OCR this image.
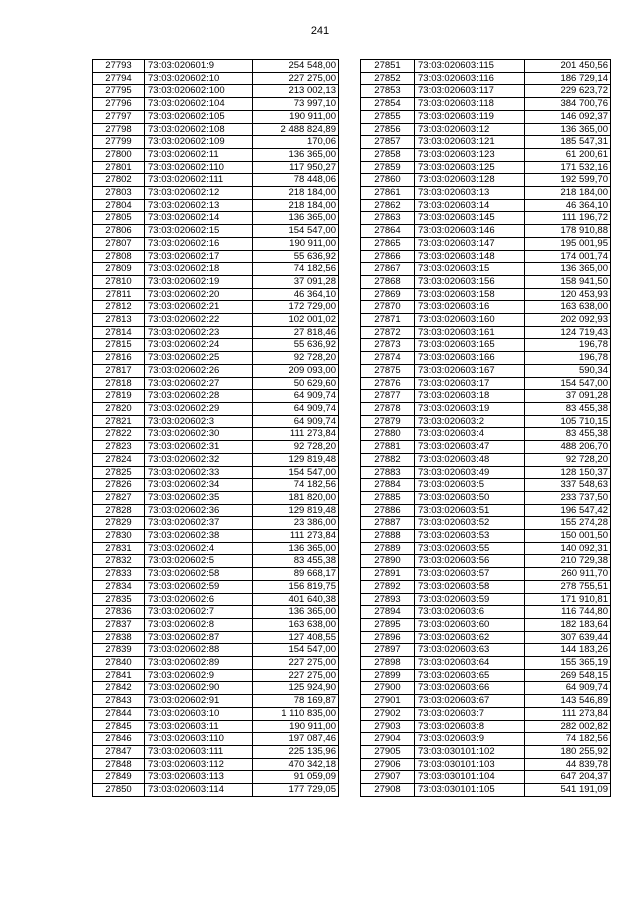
241
27793	73:03:020601:9	254 548,00
27794	73:03:020602:10	227 275,00
27795	73:03:020602:100	213 002,13
27796	73:03:020602:104	73 997,10
27797	73:03:020602:105	190 911,00
27798	73:03:020602:108	2 488 824,89
27799	73:03:020602:109	170,06
27800	73:03:020602:11	136 365,00
27801	73:03:020602:110	117 950,27
27802	73:03:020602:111	78 448,06
27803	73:03:020602:12	218 184,00
27804	73:03:020602:13	218 184,00
27805	73:03:020602:14	136 365,00
27806	73:03:020602:15	154 547,00
27807	73:03:020602:16	190 911,00
27808	73:03:020602:17	55 636,92
27809	73:03:020602:18	74 182,56
27810	73:03:020602:19	37 091,28
27811	73:03:020602:20	46 364,10
27812	73:03:020602:21	172 729,00
27813	73:03:020602:22	102 001,02
27814	73:03:020602:23	27 818,46
27815	73:03:020602:24	55 636,92
27816	73:03:020602:25	92 728,20
27817	73:03:020602:26	209 093,00
27818	73:03:020602:27	50 629,60
27819	73:03:020602:28	64 909,74
27820	73:03:020602:29	64 909,74
27821	73:03:020602:3	64 909,74
27822	73:03:020602:30	111 273,84
27823	73:03:020602:31	92 728,20
27824	73:03:020602:32	129 819,48
27825	73:03:020602:33	154 547,00
27826	73:03:020602:34	74 182,56
27827	73:03:020602:35	181 820,00
27828	73:03:020602:36	129 819,48
27829	73:03:020602:37	23 386,00
27830	73:03:020602:38	111 273,84
27831	73:03:020602:4	136 365,00
27832	73:03:020602:5	83 455,38
27833	73:03:020602:58	89 668,17
27834	73:03:020602:59	156 819,75
27835	73:03:020602:6	401 640,38
27836	73:03:020602:7	136 365,00
27837	73:03:020602:8	163 638,00
27838	73:03:020602:87	127 408,55
27839	73:03:020602:88	154 547,00
27840	73:03:020602:89	227 275,00
27841	73:03:020602:9	227 275,00
27842	73:03:020602:90	125 924,90
27843	73:03:020602:91	78 169,87
27844	73:03:020603:10	1 110 835,00
27845	73:03:020603:11	190 911,00
27846	73:03:020603:110	197 087,46
27847	73:03:020603:111	225 135,96
27848	73:03:020603:112	470 342,18
27849	73:03:020603:113	91 059,09
27850	73:03:020603:114	177 729,05
27851	73:03:020603:115	201 450,56
27852	73:03:020603:116	186 729,14
27853	73:03:020603:117	229 623,72
27854	73:03:020603:118	384 700,76
27855	73:03:020603:119	146 092,37
27856	73:03:020603:12	136 365,00
27857	73:03:020603:121	185 547,31
27858	73:03:020603:123	61 200,61
27859	73:03:020603:125	171 532,16
27860	73:03:020603:128	192 599,70
27861	73:03:020603:13	218 184,00
27862	73:03:020603:14	46 364,10
27863	73:03:020603:145	111 196,72
27864	73:03:020603:146	178 910,88
27865	73:03:020603:147	195 001,95
27866	73:03:020603:148	174 001,74
27867	73:03:020603:15	136 365,00
27868	73:03:020603:156	158 941,50
27869	73:03:020603:158	120 453,93
27870	73:03:020603:16	163 638,00
27871	73:03:020603:160	202 092,93
27872	73:03:020603:161	124 719,43
27873	73:03:020603:165	196,78
27874	73:03:020603:166	196,78
27875	73:03:020603:167	590,34
27876	73:03:020603:17	154 547,00
27877	73:03:020603:18	37 091,28
27878	73:03:020603:19	83 455,38
27879	73:03:020603:2	105 710,15
27880	73:03:020603:4	83 455,38
27881	73:03:020603:47	488 206,70
27882	73:03:020603:48	92 728,20
27883	73:03:020603:49	128 150,37
27884	73:03:020603:5	337 548,63
27885	73:03:020603:50	233 737,50
27886	73:03:020603:51	196 547,42
27887	73:03:020603:52	155 274,28
27888	73:03:020603:53	150 001,50
27889	73:03:020603:55	140 092,31
27890	73:03:020603:56	210 729,38
27891	73:03:020603:57	260 911,70
27892	73:03:020603:58	278 755,51
27893	73:03:020603:59	171 910,81
27894	73:03:020603:6	116 744,80
27895	73:03:020603:60	182 183,64
27896	73:03:020603:62	307 639,44
27897	73:03:020603:63	144 183,26
27898	73:03:020603:64	155 365,19
27899	73:03:020603:65	269 548,15
27900	73:03:020603:66	64 909,74
27901	73:03:020603:67	143 546,89
27902	73:03:020603:7	111 273,84
27903	73:03:020603:8	282 002,82
27904	73:03:020603:9	74 182,56
27905	73:03:030101:102	180 255,92
27906	73:03:030101:103	44 839,78
27907	73:03:030101:104	647 204,37
27908	73:03:030101:105	541 191,09
